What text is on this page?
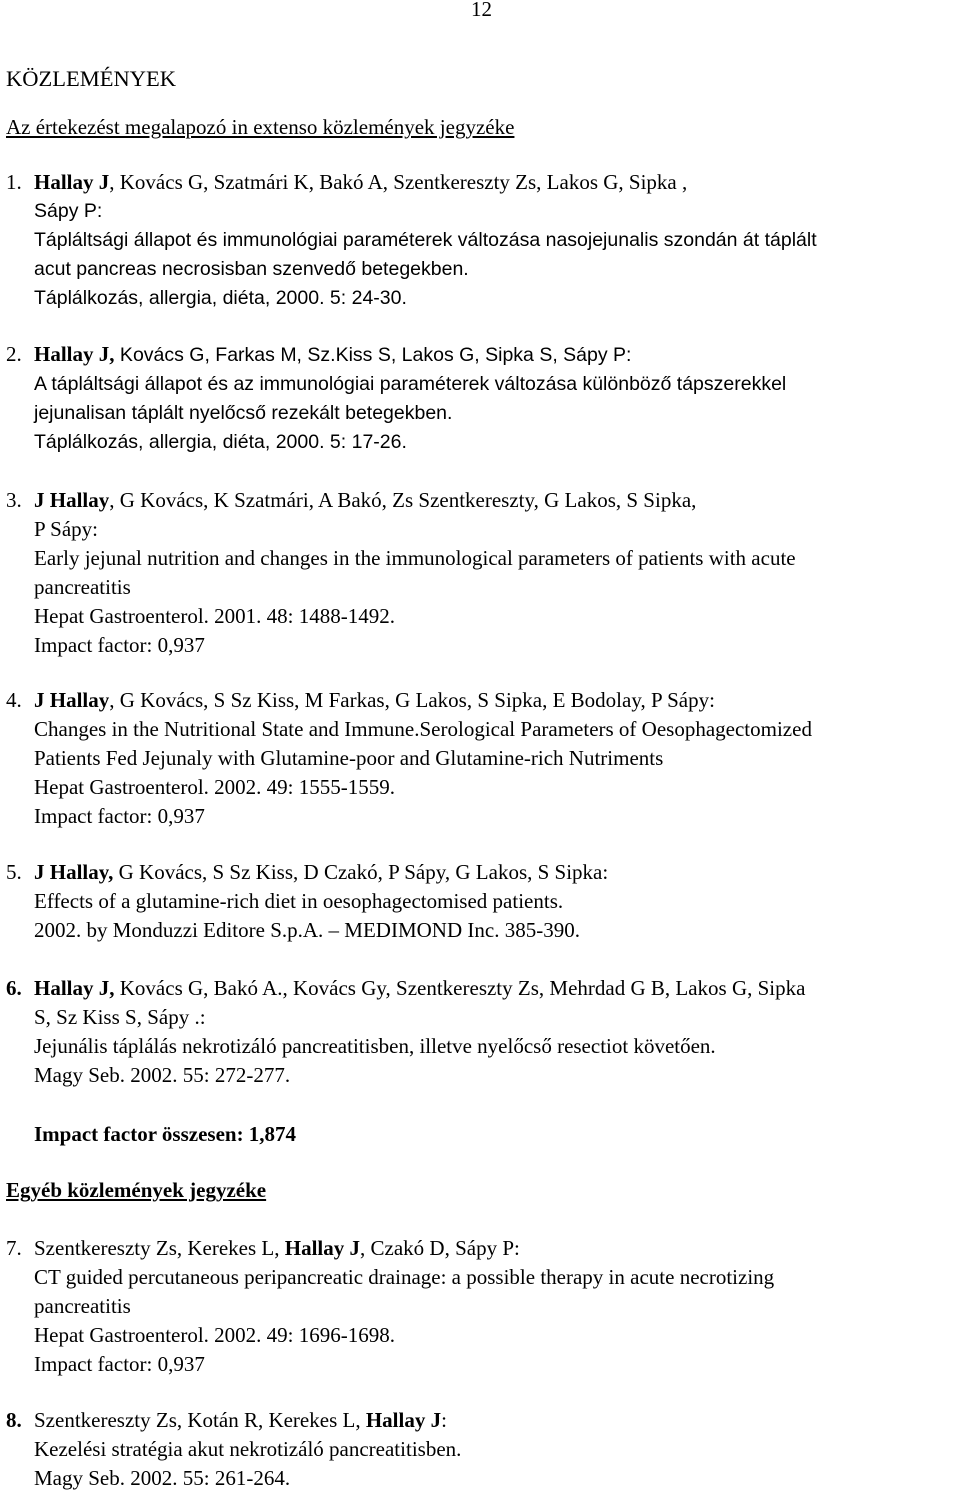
12
KÖZLEMÉNYEK
Az értekezést megalapozó in extenso közlemények jegyzéke
1. Hallay J, Kovács G, Szatmári K, Bakó A, Szentkereszty Zs, Lakos G, Sipka ,
Sápy P:
Tápláltsági állapot és immunológiai paraméterek változása nasojejunalis szondán át táplált
acut pancreas necrosisban szenvedő betegekben.
Táplálkozás, allergia, diéta, 2000. 5: 24-30.
2. Hallay J, Kovács G, Farkas M, Sz.Kiss S, Lakos G, Sipka S, Sápy P:
A tápláltsági állapot és az immunológiai paraméterek változása különböző tápszerekkel
jejunalisan táplált nyelőcső rezekált betegekben.
Táplálkozás, allergia, diéta, 2000. 5: 17-26.
3. J Hallay, G Kovács, K Szatmári, A Bakó, Zs Szentkereszty, G Lakos, S Sipka,
P Sápy:
Early jejunal nutrition and changes in the immunological parameters of patients with acute
pancreatitis
Hepat Gastroenterol. 2001. 48: 1488-1492.
Impact factor: 0,937
4. J Hallay, G Kovács, S Sz Kiss, M Farkas, G Lakos, S Sipka, E Bodolay, P Sápy:
Changes in the Nutritional State and Immune.Serological Parameters of Oesophagectomized
Patients Fed Jejunaly with Glutamine-poor and Glutamine-rich Nutriments
Hepat Gastroenterol. 2002. 49: 1555-1559.
Impact factor: 0,937
5. J Hallay, G Kovács, S Sz Kiss, D Czakó, P Sápy, G Lakos, S Sipka:
Effects of a glutamine-rich diet in oesophagectomised patients.
2002. by Monduzzi Editore S.p.A. – MEDIMOND Inc. 385-390.
6. Hallay J, Kovács G, Bakó A., Kovács Gy, Szentkereszty Zs, Mehrdad G B, Lakos G, Sipka
S, Sz Kiss S, Sápy .:
Jejunális táplálás nekrotizáló pancreatitisben, illetve nyelőcső resectiot követően.
Magy Seb. 2002. 55: 272-277.
Impact factor összesen: 1,874
Egyéb közlemények jegyzéke
7. Szentkereszty Zs, Kerekes L, Hallay J, Czakó D, Sápy P:
CT guided percutaneous peripancreatic drainage: a possible therapy in acute necrotizing
pancreatitis
Hepat Gastroenterol. 2002. 49: 1696-1698.
Impact factor: 0,937
8. Szentkereszty Zs, Kotán R, Kerekes L, Hallay J:
Kezelési stratégia akut nekrotizáló pancreatitisben.
Magy Seb. 2002. 55: 261-264.
